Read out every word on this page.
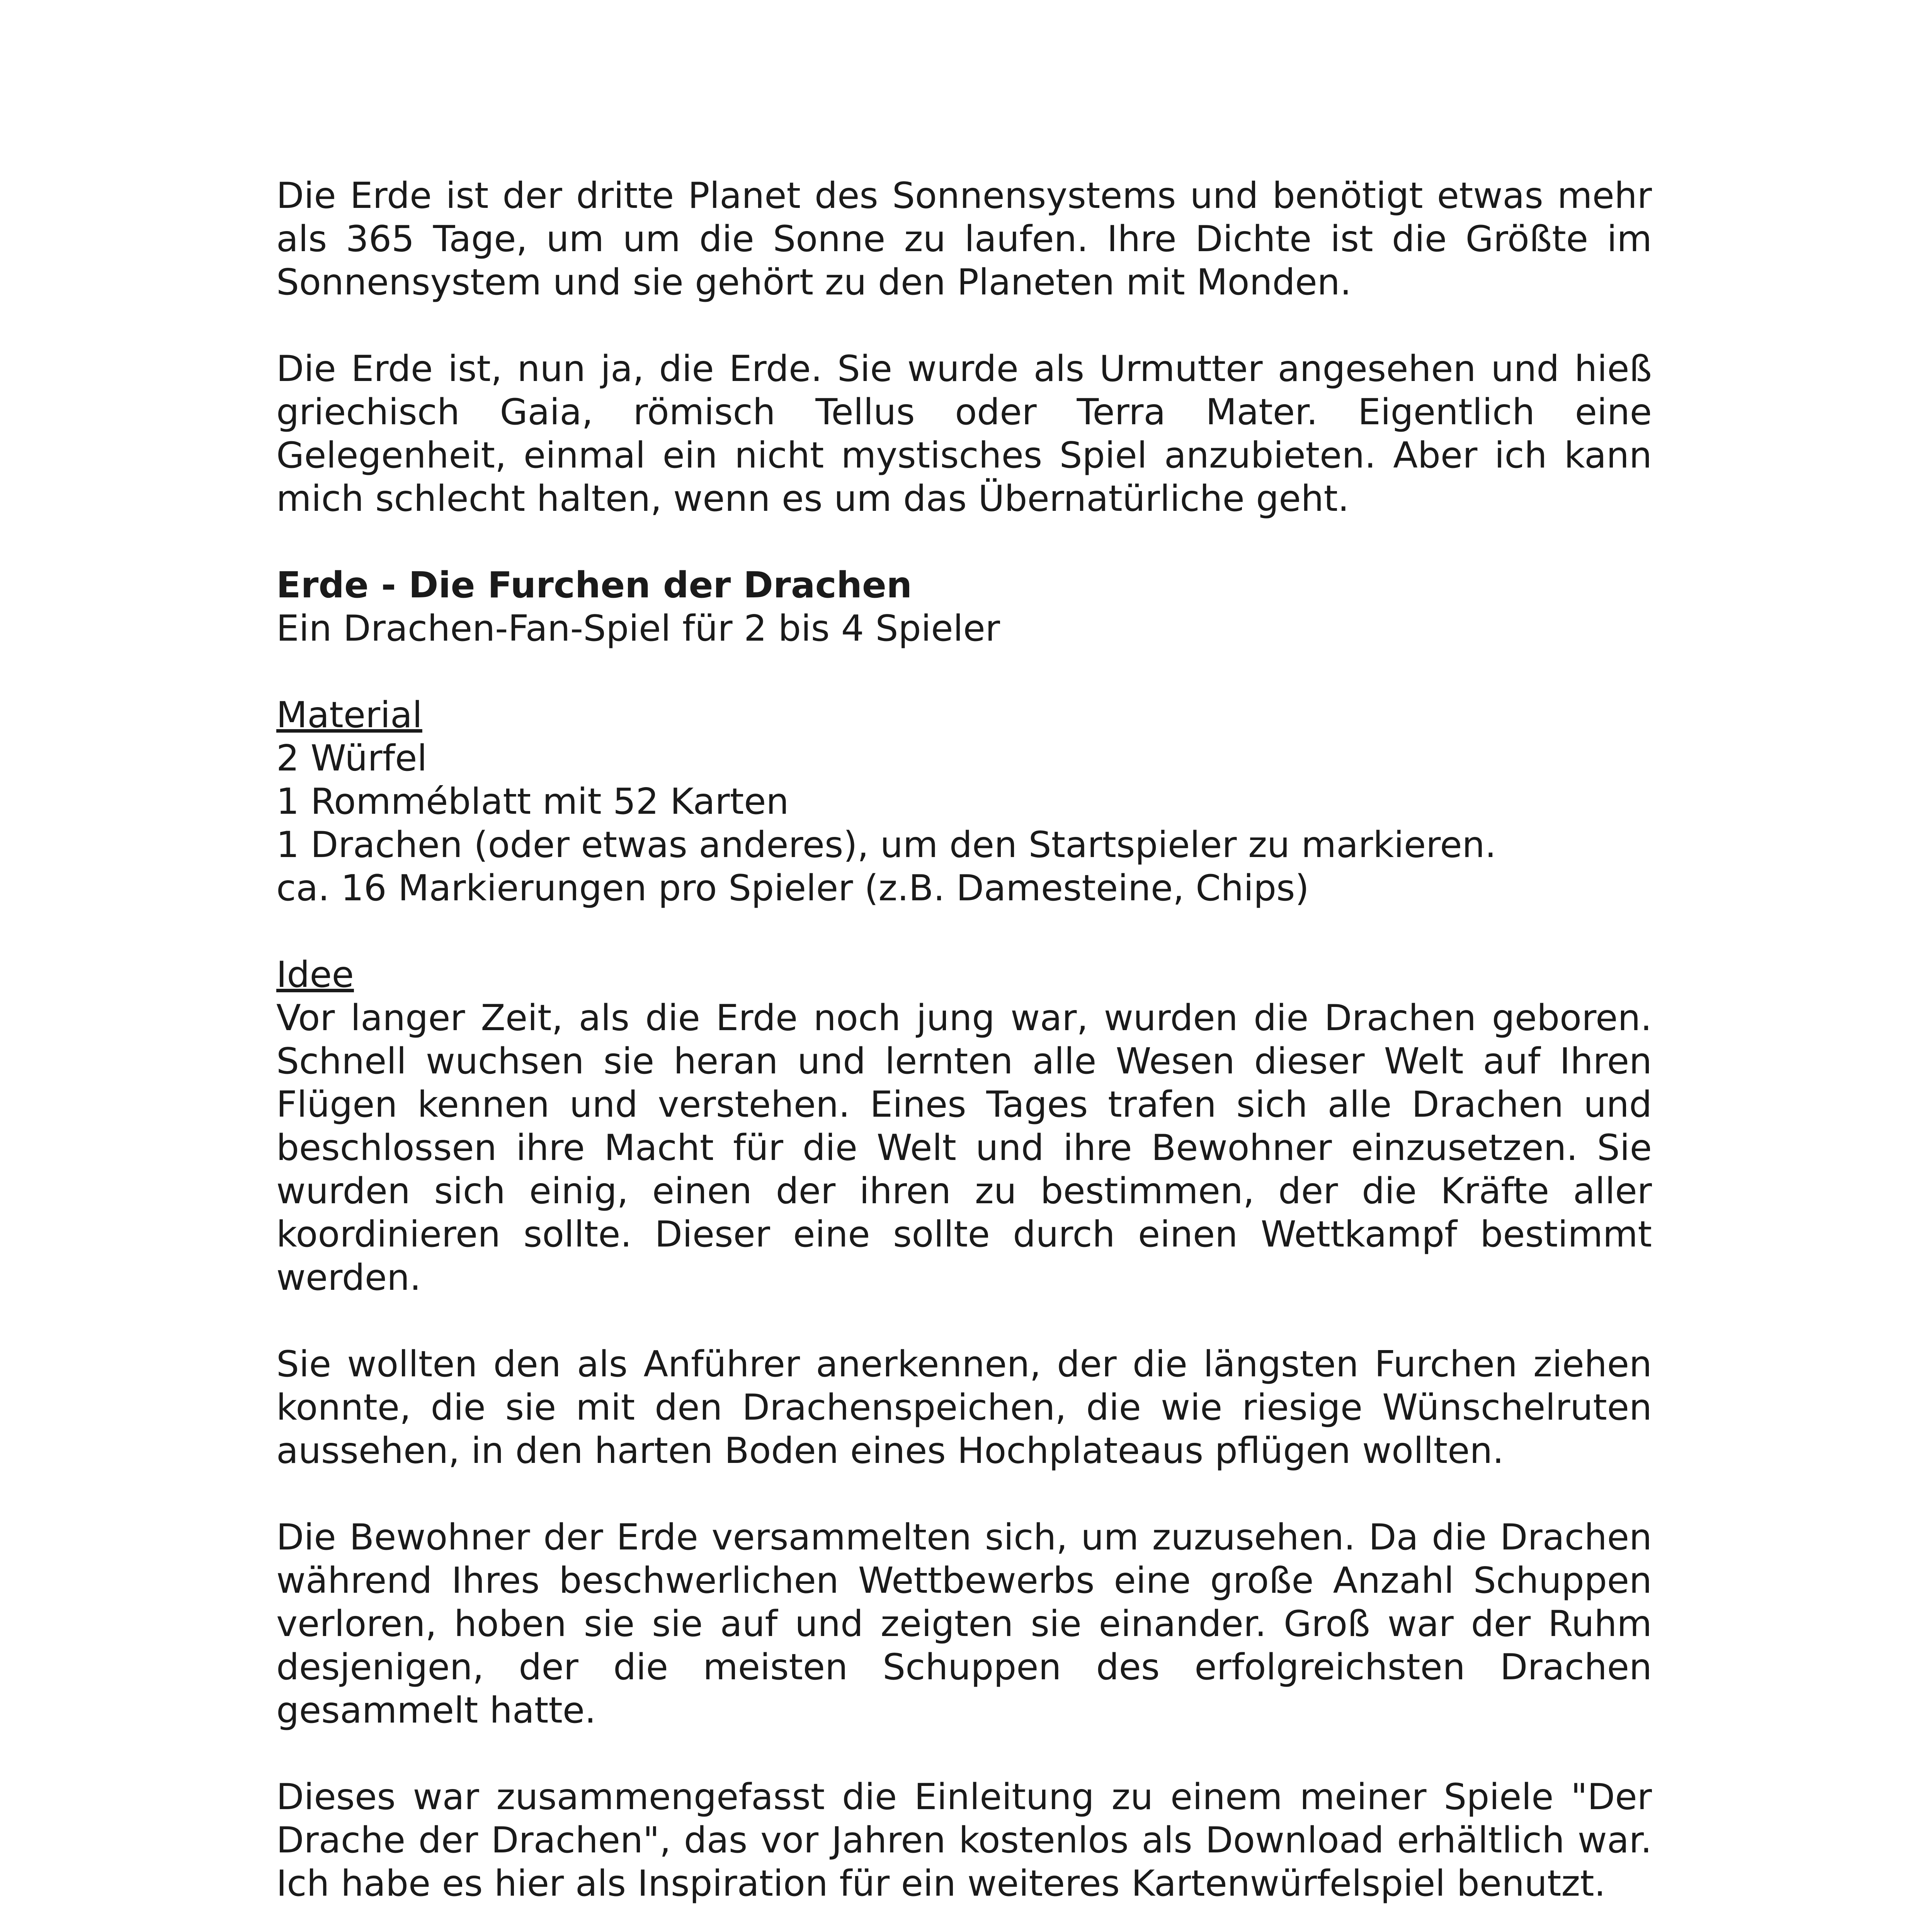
Die Erde ist der dritte Planet des Sonnensystems und benötigt etwas mehr als 365 Tage, um um die Sonne zu laufen. Ihre Dichte ist die Größte im Sonnensystem und sie gehört zu den Planeten mit Monden.

Die Erde ist, nun ja, die Erde. Sie wurde als Urmutter angesehen und hieß griechisch Gaia, römisch Tellus oder Terra Mater. Eigentlich eine Gelegenheit, einmal ein nicht mystisches Spiel anzubieten. Aber ich kann mich schlecht halten, wenn es um das Übernatürliche geht.

Erde - Die Furchen der Drachen

Ein Drachen-Fan-Spiel für 2 bis 4 Spieler

Material

2 Würfel

1 Romméblatt mit 52 Karten

1 Drachen (oder etwas anderes), um den Startspieler zu markieren.

ca. 16 Markierungen pro Spieler (z.B. Damesteine, Chips)

Idee

Vor langer Zeit, als die Erde noch jung war, wurden die Drachen geboren. Schnell wuchsen sie heran und lernten alle Wesen dieser Welt auf Ihren Flügen kennen und verstehen. Eines Tages trafen sich alle Drachen und beschlossen ihre Macht für die Welt und ihre Bewohner einzusetzen. Sie wurden sich einig, einen der ihren zu bestimmen, der die Kräfte aller koordinieren sollte. Dieser eine sollte durch einen Wettkampf bestimmt werden.

Sie wollten den als Anführer anerkennen, der die längsten Furchen ziehen konnte, die sie mit den Drachenspeichen, die wie riesige Wünschelruten aussehen, in den harten Boden eines Hochplateaus pflügen wollten.

Die Bewohner der Erde versammelten sich, um zuzusehen. Da die Drachen während Ihres beschwerlichen Wettbewerbs eine große Anzahl Schuppen verloren, hoben sie sie auf und zeigten sie einander. Groß war der Ruhm desjenigen, der die meisten Schuppen des erfolgreichsten Drachen gesammelt hatte.

Dieses war zusammengefasst die Einleitung zu einem meiner Spiele "Der Drache der Drachen", das vor Jahren kostenlos als Download erhältlich war. Ich habe es hier als Inspiration für ein weiteres Kartenwürfelspiel benutzt.
